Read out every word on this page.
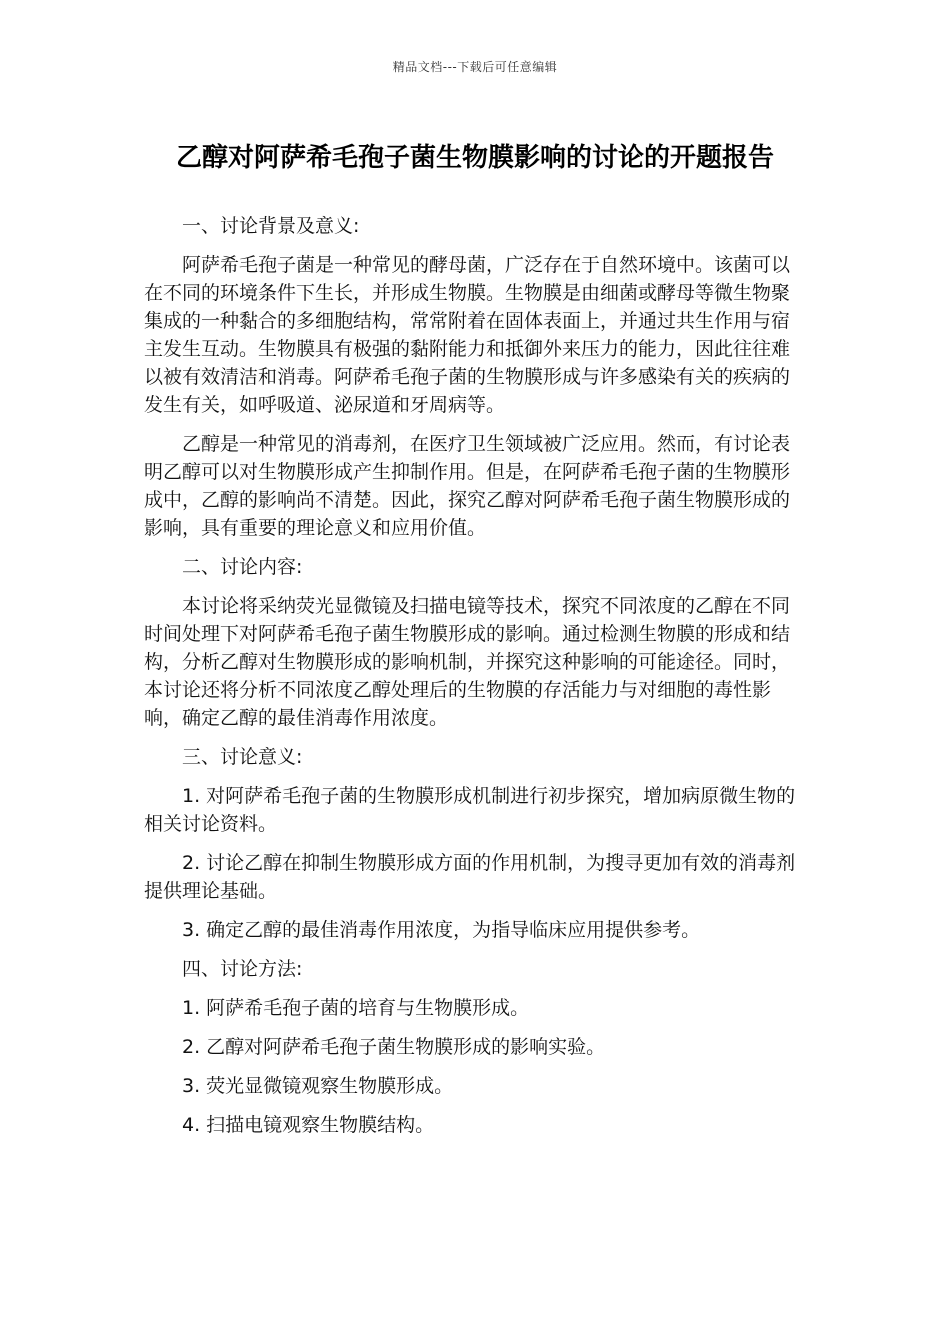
精品文档---下载后可任意编辑
乙醇对阿萨希毛孢子菌生物膜影响的讨论的开题报告

一、讨论背景及意义:

阿萨希毛孢子菌是一种常见的酵母菌，广泛存在于自然环境中。该菌可以在不同的环境条件下生长，并形成生物膜。生物膜是由细菌或酵母等微生物聚集成的一种黏合的多细胞结构，常常附着在固体表面上，并通过共生作用与宿主发生互动。生物膜具有极强的黏附能力和抵御外来压力的能力，因此往往难以被有效清洁和消毒。阿萨希毛孢子菌的生物膜形成与许多感染有关的疾病的发生有关，如呼吸道、泌尿道和牙周病等。

乙醇是一种常见的消毒剂，在医疗卫生领域被广泛应用。然而，有讨论表明乙醇可以对生物膜形成产生抑制作用。但是，在阿萨希毛孢子菌的生物膜形成中，乙醇的影响尚不清楚。因此，探究乙醇对阿萨希毛孢子菌生物膜形成的影响，具有重要的理论意义和应用价值。

二、讨论内容:

本讨论将采纳荧光显微镜及扫描电镜等技术，探究不同浓度的乙醇在不同时间处理下对阿萨希毛孢子菌生物膜形成的影响。通过检测生物膜的形成和结构，分析乙醇对生物膜形成的影响机制，并探究这种影响的可能途径。同时，本讨论还将分析不同浓度乙醇处理后的生物膜的存活能力与对细胞的毒性影响，确定乙醇的最佳消毒作用浓度。

三、讨论意义:

1. 对阿萨希毛孢子菌的生物膜形成机制进行初步探究，增加病原微生物的相关讨论资料。

2. 讨论乙醇在抑制生物膜形成方面的作用机制，为搜寻更加有效的消毒剂提供理论基础。

3. 确定乙醇的最佳消毒作用浓度，为指导临床应用提供参考。

四、讨论方法:

1. 阿萨希毛孢子菌的培育与生物膜形成。

2. 乙醇对阿萨希毛孢子菌生物膜形成的影响实验。

3. 荧光显微镜观察生物膜形成。

4. 扫描电镜观察生物膜结构。
